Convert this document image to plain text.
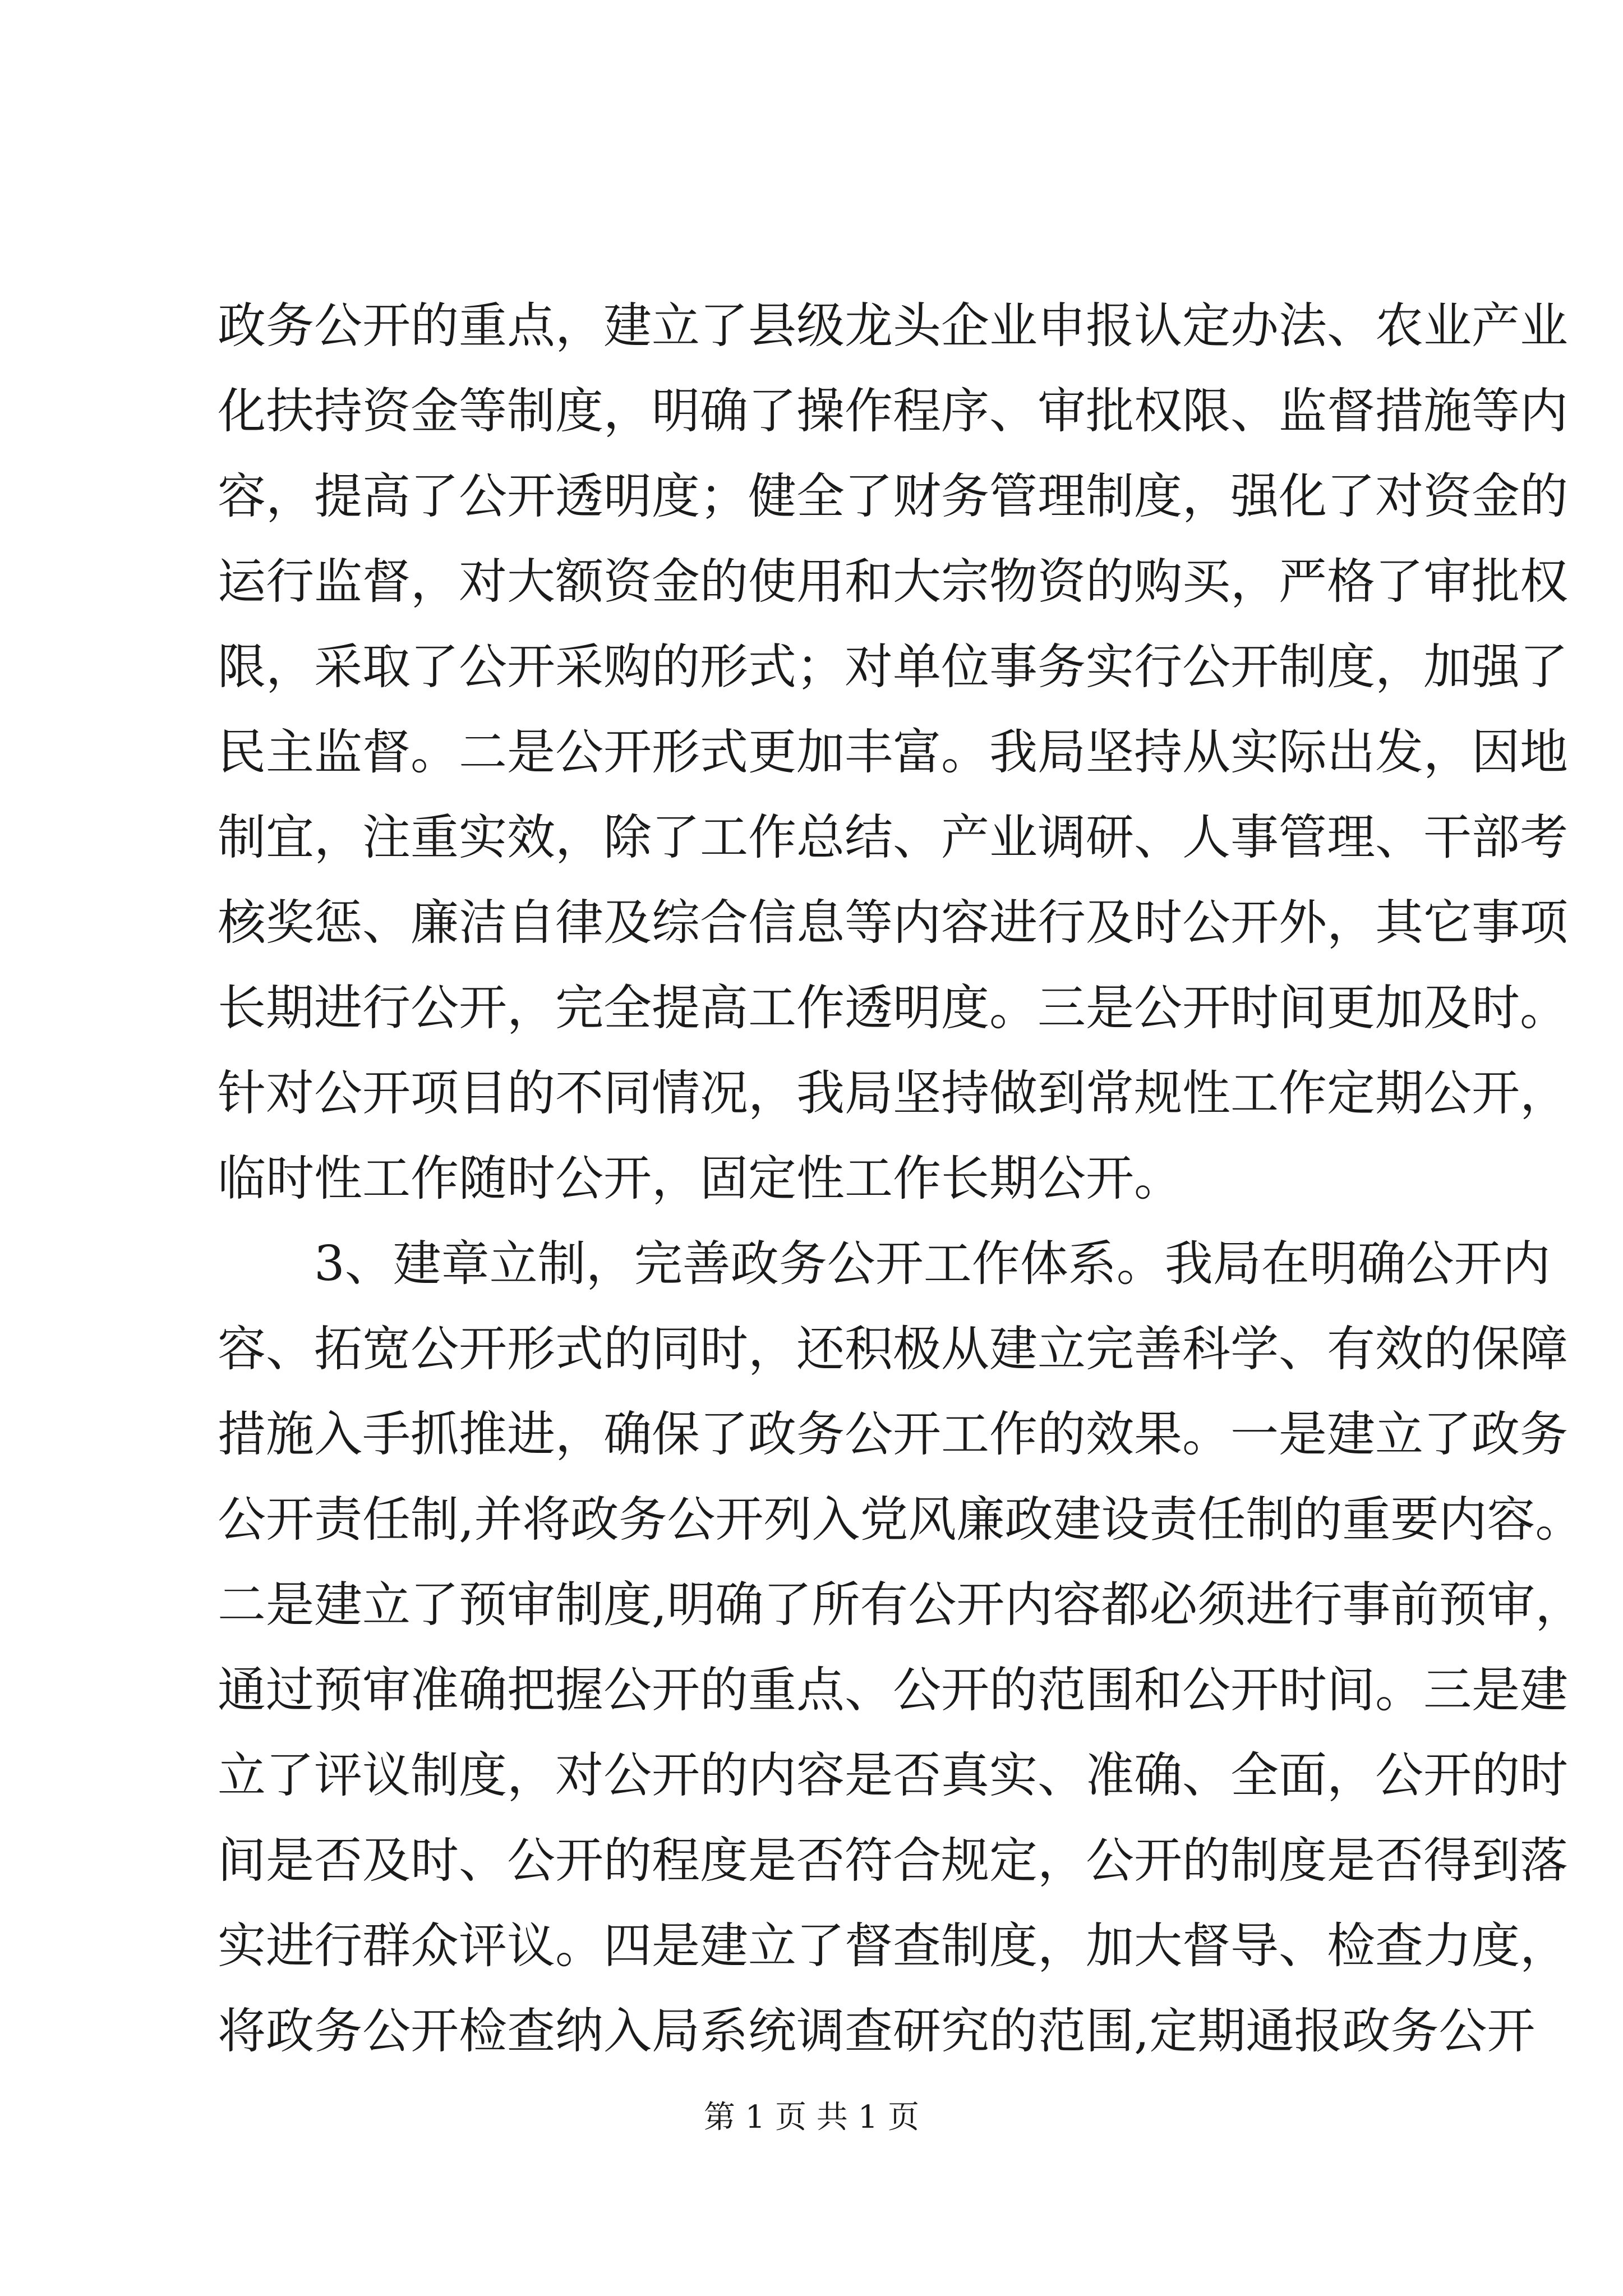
政务公开的重点，建立了县级龙头企业申报认定办法、农业产业
化扶持资金等制度，明确了操作程序、审批权限、监督措施等内
容，提高了公开透明度；健全了财务管理制度，强化了对资金的
运行监督，对大额资金的使用和大宗物资的购买，严格了审批权
限，采取了公开采购的形式；对单位事务实行公开制度，加强了
民主监督。二是公开形式更加丰富。我局坚持从实际出发，因地
制宜，注重实效，除了工作总结、产业调研、人事管理、干部考
核奖惩、廉洁自律及综合信息等内容进行及时公开外，其它事项
长期进行公开，完全提高工作透明度。三是公开时间更加及时。
针对公开项目的不同情况，我局坚持做到常规性工作定期公开，
临时性工作随时公开，固定性工作长期公开。
3、建章立制，完善政务公开工作体系。我局在明确公开内
容、拓宽公开形式的同时，还积极从建立完善科学、有效的保障
措施入手抓推进，确保了政务公开工作的效果。一是建立了政务
公开责任制,并将政务公开列入党风廉政建设责任制的重要内容。
二是建立了预审制度,明确了所有公开内容都必须进行事前预审，
通过预审准确把握公开的重点、公开的范围和公开时间。三是建
立了评议制度，对公开的内容是否真实、准确、全面，公开的时
间是否及时、公开的程度是否符合规定，公开的制度是否得到落
实进行群众评议。四是建立了督查制度，加大督导、检查力度，
将政务公开检查纳入局系统调查研究的范围,定期通报政务公开
第 1 页 共 1 页
